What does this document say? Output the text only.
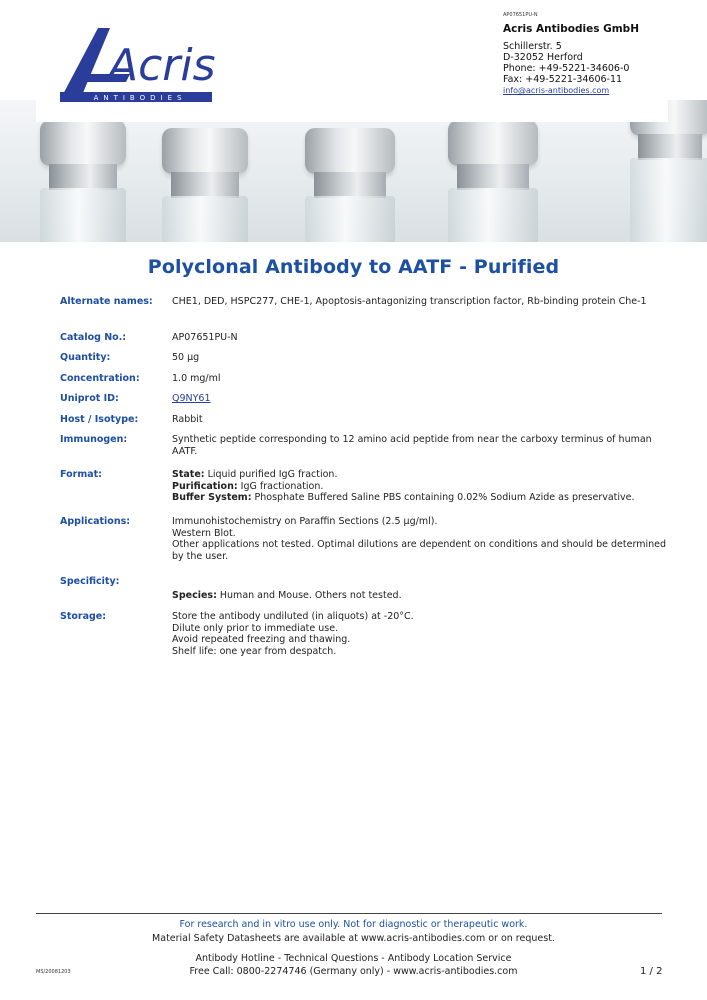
Acris
ANTIBODIES
AP07651PU-N
Acris Antibodies GmbH
Schillerstr. 5
D-32052 Herford
Phone: +49-5221-34606-0
Fax: +49-5221-34606-11
info@acris-antibodies.com
Polyclonal Antibody to AATF - Purified
Alternate names: CHE1, DED, HSPC277, CHE-1, Apoptosis-antagonizing transcription factor, Rb-binding protein Che-1
Catalog No.:	AP07651PU-N
Quantity:	50 µg
Concentration:	1.0 mg/ml
Uniprot ID:	Q9NY61
Host / Isotype:	Rabbit
Immunogen:	Synthetic peptide corresponding to 12 amino acid peptide from near the carboxy terminus of human AATF.
Format:	State: Liquid purified IgG fraction.
Purification: IgG fractionation.
Buffer System: Phosphate Buffered Saline PBS containing 0.02% Sodium Azide as preservative.
Applications:	Immunohistochemistry on Paraffin Sections (2.5 µg/ml).
Western Blot.
Other applications not tested. Optimal dilutions are dependent on conditions and should be determined by the user.
Specificity:
Species: Human and Mouse. Others not tested.
Storage:	Store the antibody undiluted (in aliquots) at -20°C.
Dilute only prior to immediate use.
Avoid repeated freezing and thawing.
Shelf life: one year from despatch.
For research and in vitro use only. Not for diagnostic or therapeutic work.
Material Safety Datasheets are available at www.acris-antibodies.com or on request.
Antibody Hotline - Technical Questions - Antibody Location Service
Free Call: 0800-2274746 (Germany only) - www.acris-antibodies.com
MS/20081203	1 / 2
